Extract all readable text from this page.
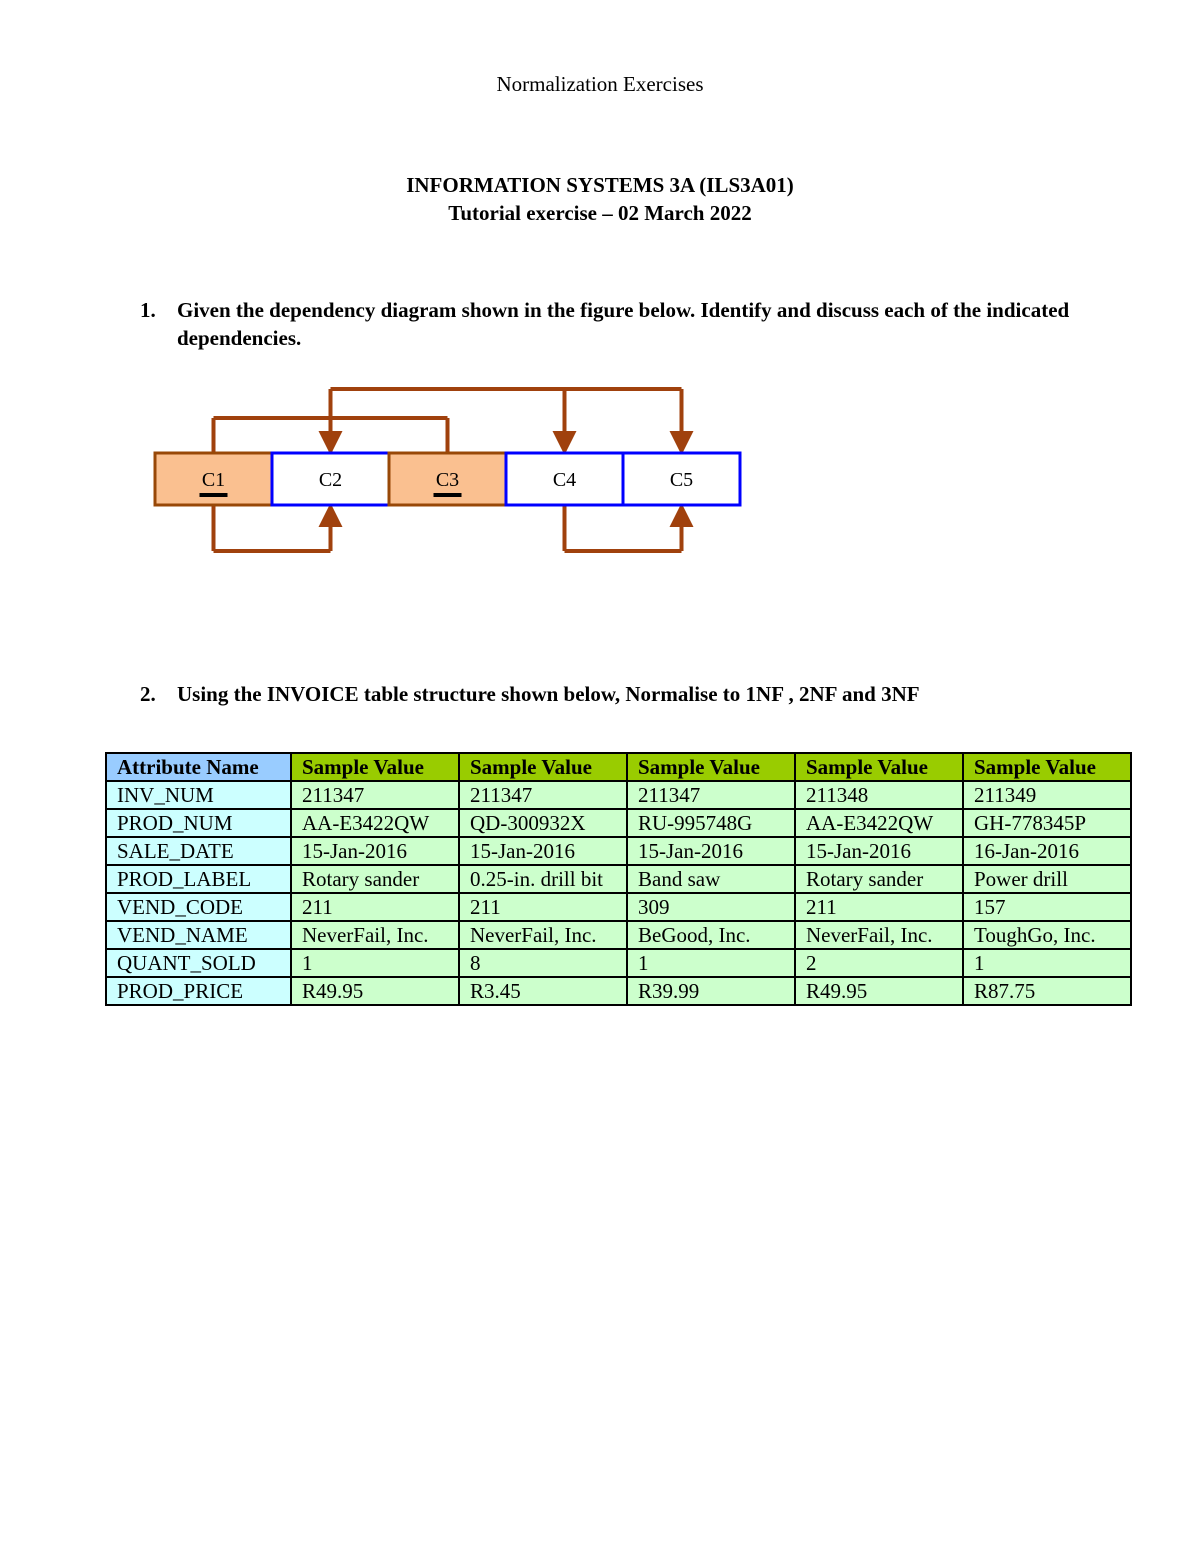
Normalization Exercises
INFORMATION SYSTEMS 3A (ILS3A01)
Tutorial exercise – 02 March 2022
1. Given the dependency diagram shown in the figure below. Identify and discuss each of the indicated dependencies.
C1	C2	C3	C4	C5
2. Using the INVOICE table structure shown below, Normalise to 1NF , 2NF and 3NF
Attribute Name	Sample Value	Sample Value	Sample Value	Sample Value	Sample Value
INV_NUM	211347	211347	211347	211348	211349
PROD_NUM	AA-E3422QW	QD-300932X	RU-995748G	AA-E3422QW	GH-778345P
SALE_DATE	15-Jan-2016	15-Jan-2016	15-Jan-2016	15-Jan-2016	16-Jan-2016
PROD_LABEL	Rotary sander	0.25-in. drill bit	Band saw	Rotary sander	Power drill
VEND_CODE	211	211	309	211	157
VEND_NAME	NeverFail, Inc.	NeverFail, Inc.	BeGood, Inc.	NeverFail, Inc.	ToughGo, Inc.
QUANT_SOLD	1	8	1	2	1
PROD_PRICE	R49.95	R3.45	R39.99	R49.95	R87.75
